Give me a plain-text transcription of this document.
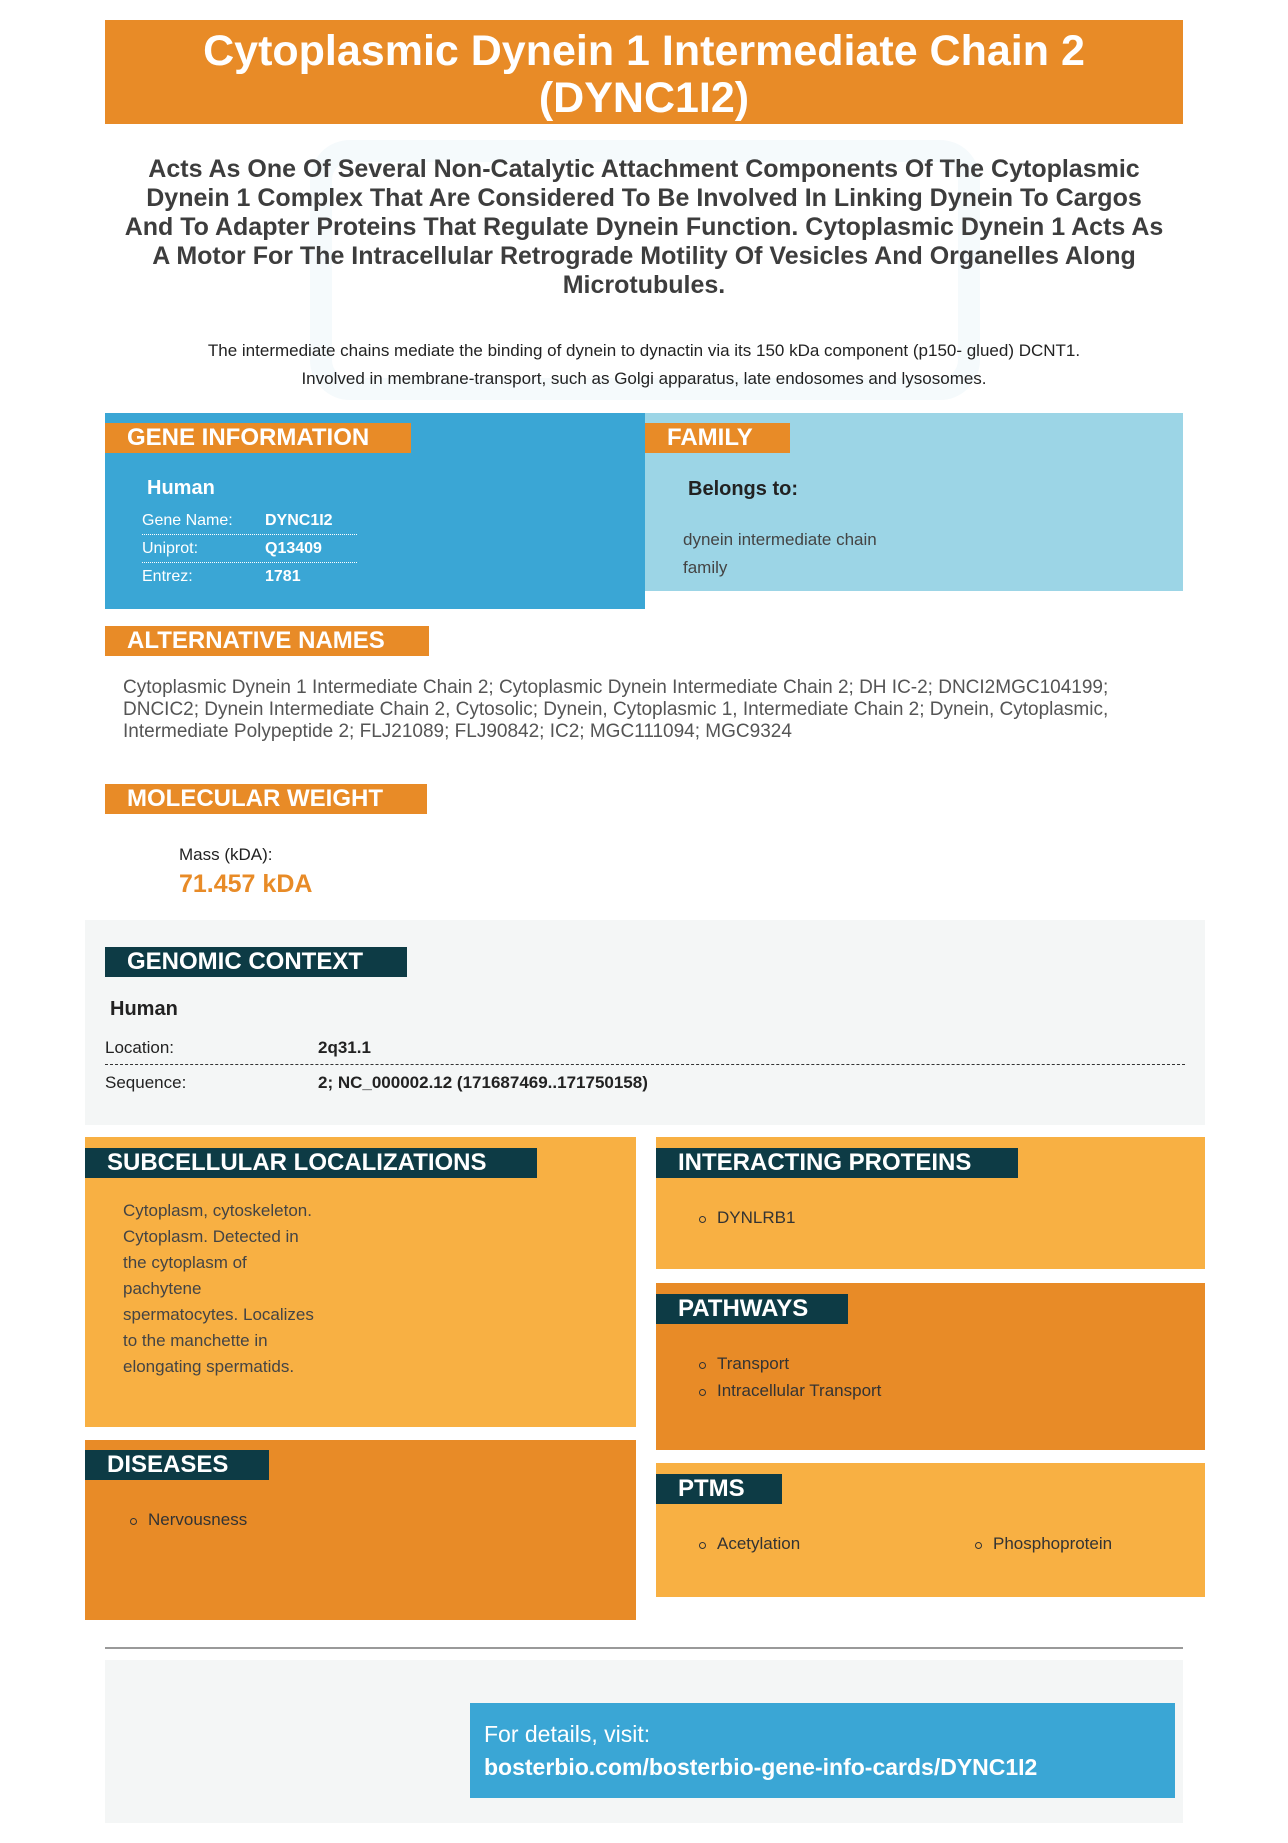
Cytoplasmic Dynein 1 Intermediate Chain 2
(DYNC1I2)
Acts As One Of Several Non-Catalytic Attachment Components Of The Cytoplasmic Dynein 1 Complex That Are Considered To Be Involved In Linking Dynein To Cargos And To Adapter Proteins That Regulate Dynein Function. Cytoplasmic Dynein 1 Acts As A Motor For The Intracellular Retrograde Motility Of Vesicles And Organelles Along Microtubules.
The intermediate chains mediate the binding of dynein to dynactin via its 150 kDa component (p150- glued) DCNT1.
Involved in membrane-transport, such as Golgi apparatus, late endosomes and lysosomes.
GENE INFORMATION
Human
Gene Name: DYNC1I2
Uniprot:	Q13409
Entrez:	1781
FAMILY
Belongs to:
dynein intermediate chain
family
ALTERNATIVE NAMES
Cytoplasmic Dynein 1 Intermediate Chain 2; Cytoplasmic Dynein Intermediate Chain 2; DH IC-2; DNCI2MGC104199; DNCIC2; Dynein Intermediate Chain 2, Cytosolic; Dynein, Cytoplasmic 1, Intermediate Chain 2; Dynein, Cytoplasmic, Intermediate Polypeptide 2; FLJ21089; FLJ90842; IC2; MGC111094; MGC9324
MOLECULAR WEIGHT
Mass (kDA):
71.457 kDA
GENOMIC CONTEXT
Human
Location:	2q31.1
Sequence:	2; NC_000002.12 (171687469..171750158)
SUBCELLULAR LOCALIZATIONS
Cytoplasm, cytoskeleton.
Cytoplasm. Detected in
the cytoplasm of
pachytene
spermatocytes. Localizes
to the manchette in
elongating spermatids.
INTERACTING PROTEINS
DYNLRB1
PATHWAYS
Transport
Intracellular Transport
DISEASES
Nervousness
PTMS
Acetylation	Phosphoprotein
For details, visit:
bosterbio.com/bosterbio-gene-info-cards/DYNC1I2
